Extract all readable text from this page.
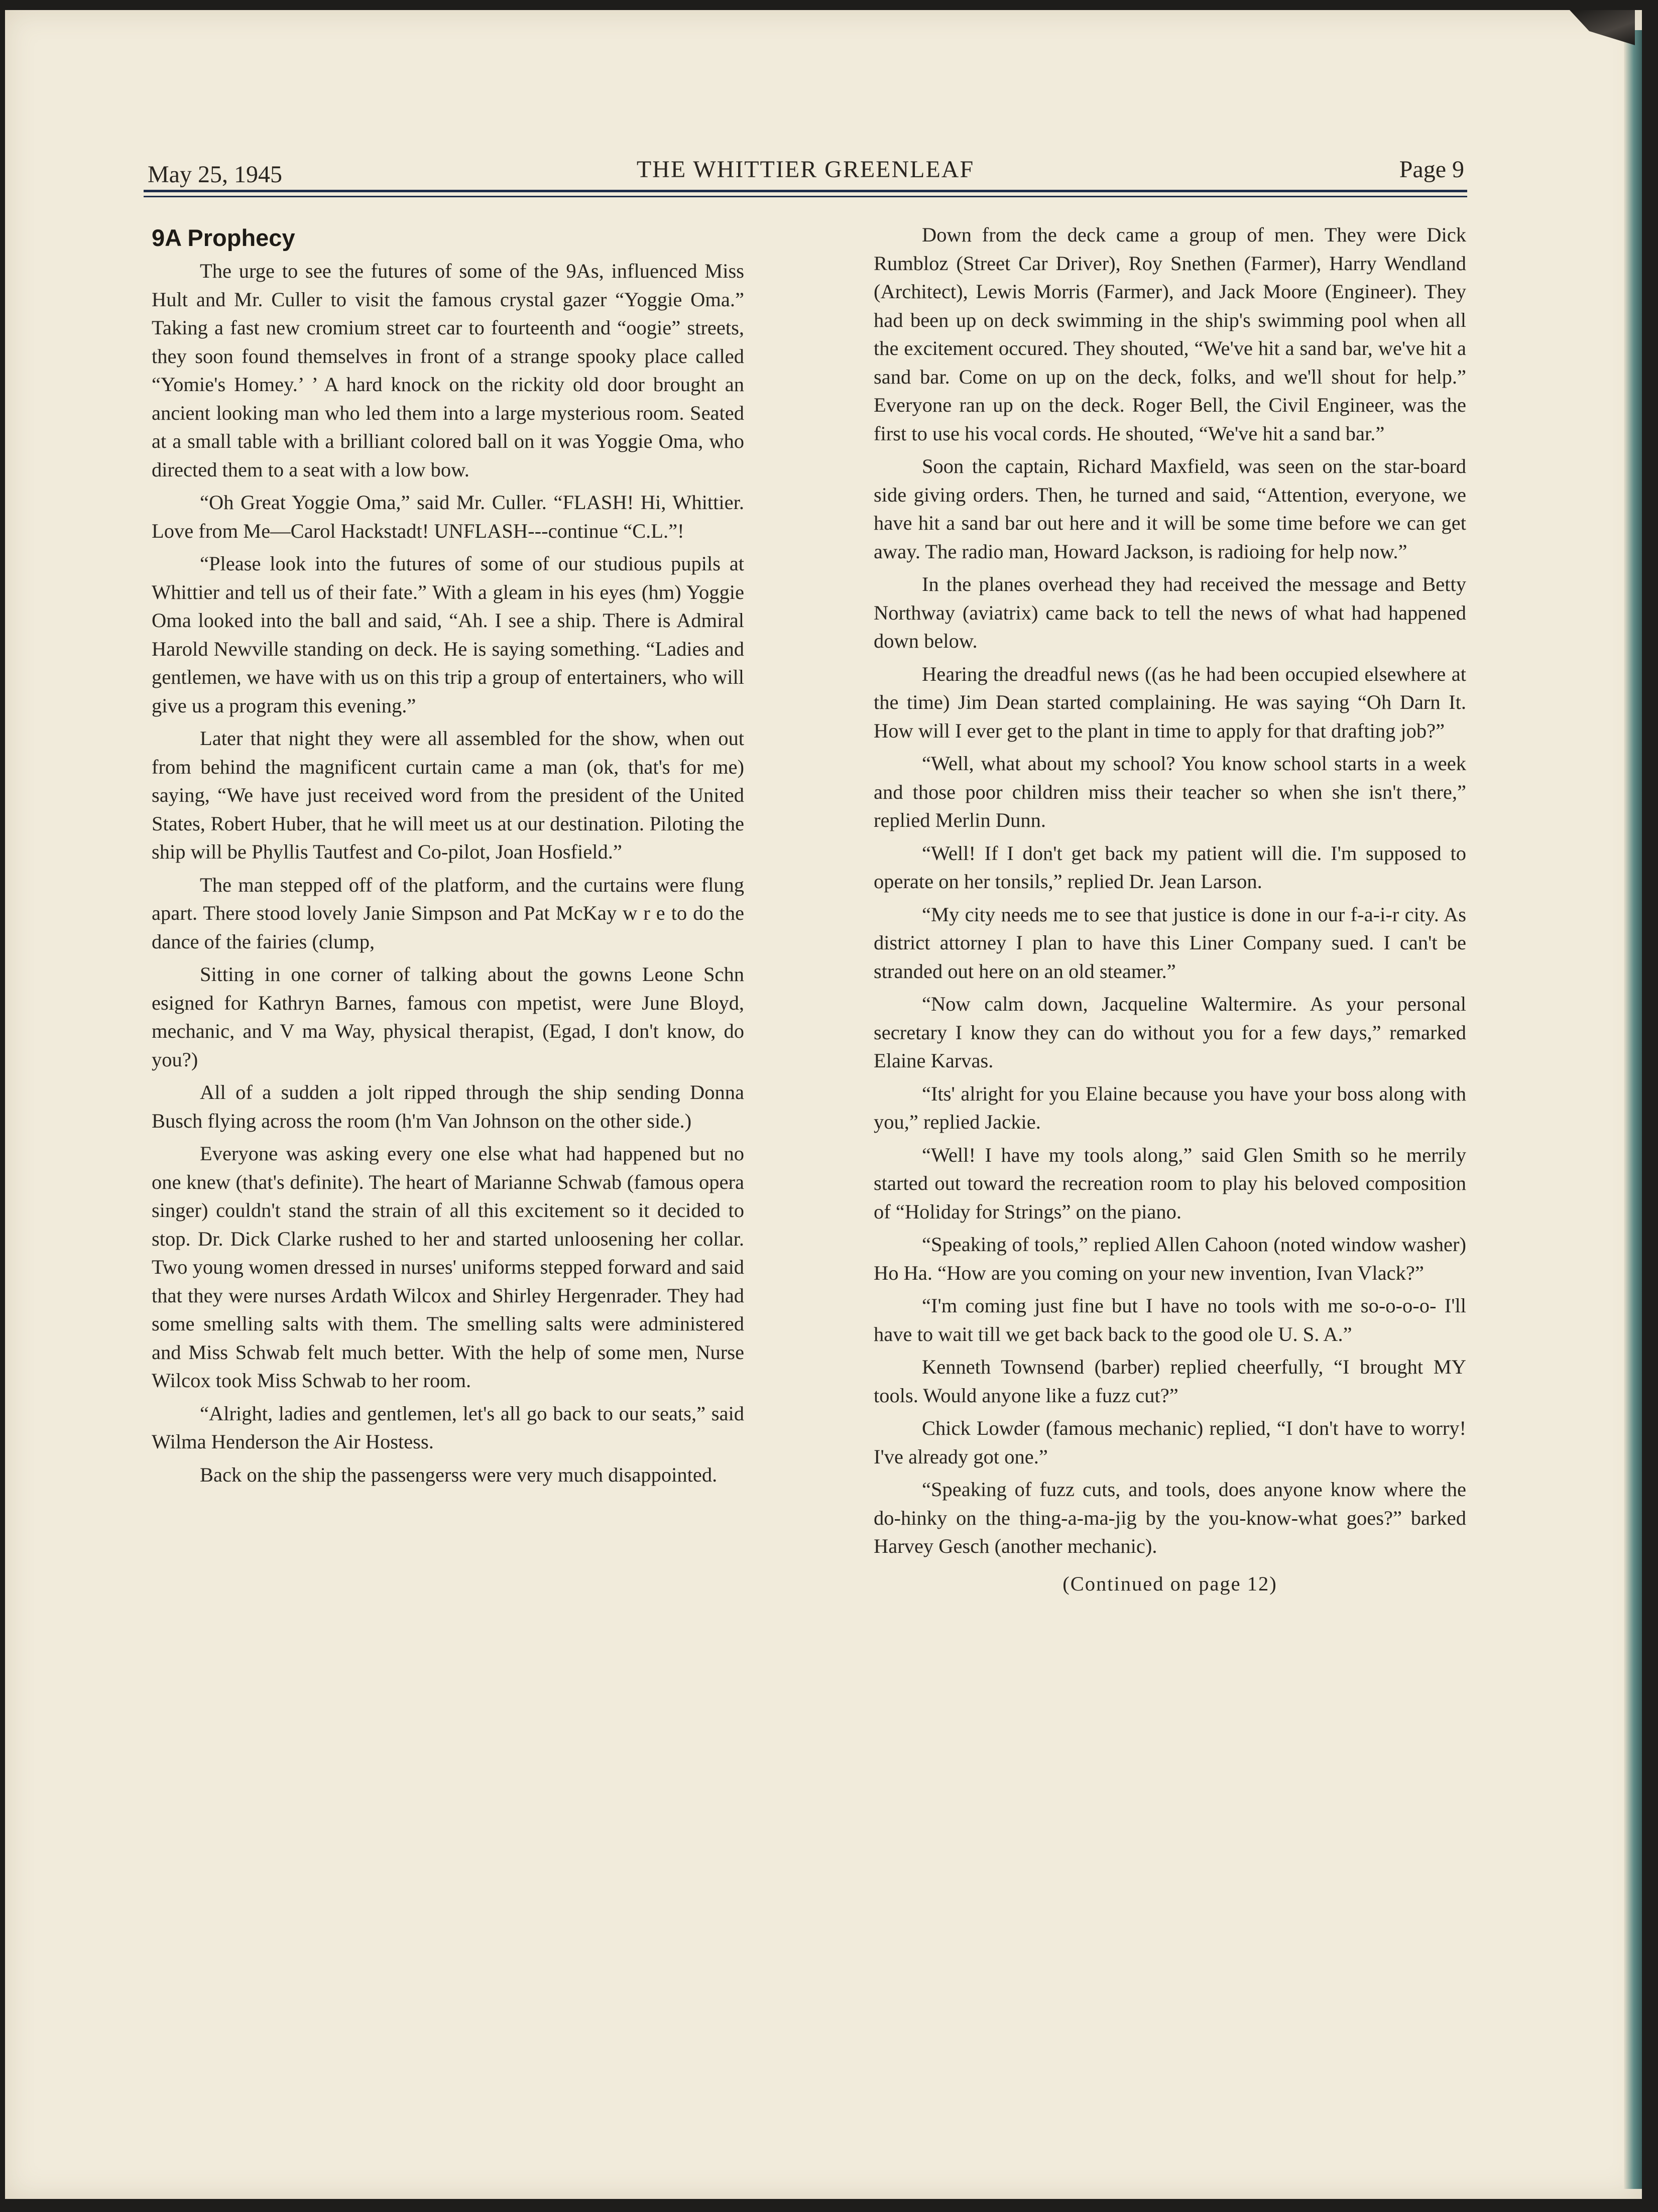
May 25, 1945	THE WHITTIER GREENLEAF	Page 9
9A Prophecy

The urge to see the futures of some of the 9As, influenced Miss Hult and Mr. Culler to visit the famous crystal gazer “Yoggie Oma.” Taking a fast new cromium street car to fourteenth and “oogie” streets, they soon found themselves in front of a strange spooky place called “Yomie's Homey.’ ’ A hard knock on the rickity old door brought an ancient looking man who led them into a large mysterious room. Seated at a small table with a brilliant colored ball on it was Yoggie Oma, who directed them to a seat with a low bow.

“Oh Great Yoggie Oma,” said Mr. Culler. “FLASH! Hi, Whittier. Love from Me—Carol Hackstadt! UNFLASH---continue “C.L.”!

“Please look into the futures of some of our studious pupils at Whittier and tell us of their fate.” With a gleam in his eyes (hm) Yoggie Oma looked into the ball and said, “Ah. I see a ship. There is Admiral Harold Newville standing on deck. He is saying something. “Ladies and gentlemen, we have with us on this trip a group of entertainers, who will give us a program this evening.”

Later that night they were all assembled for the show, when out from behind the magnificent curtain came a man (ok, that's for me) saying, “We have just received word from the president of the United States, Robert Huber, that he will meet us at our destination. Piloting the ship will be Phyllis Tautfest and Co-pilot, Joan Hosfield.”

The man stepped off of the platform, and the curtains were flung apart. There stood lovely Janie Simpson and Pat McKay w r e to do the dance of the fairies (clump,

Sitting in one corner of talking about the gowns Leone Schn esigned for Kathryn Barnes, famous con mpetist, were June Bloyd, mechanic, and V ma Way, physical therapist, (Egad, I don't know, do you?)

All of a sudden a jolt ripped through the ship sending Donna Busch flying across the room (h'm Van Johnson on the other side.)

Everyone was asking every one else what had happened but no one knew (that's definite). The heart of Marianne Schwab (famous opera singer) couldn't stand the strain of all this excitement so it decided to stop. Dr. Dick Clarke rushed to her and started unloosening her collar. Two young women dressed in nurses' uniforms stepped forward and said that they were nurses Ardath Wilcox and Shirley Hergenrader. They had some smelling salts with them. The smelling salts were administered and Miss Schwab felt much better. With the help of some men, Nurse Wilcox took Miss Schwab to her room.

“Alright, ladies and gentlemen, let's all go back to our seats,” said Wilma Henderson the Air Hostess.

Back on the ship the passengerss were very much disappointed.

Down from the deck came a group of men. They were Dick Rumbloz (Street Car Driver), Roy Snethen (Farmer), Harry Wendland (Architect), Lewis Morris (Farmer), and Jack Moore (Engineer). They had been up on deck swimming in the ship's swimming pool when all the excitement occured. They shouted, “We've hit a sand bar, we've hit a sand bar. Come on up on the deck, folks, and we'll shout for help.” Everyone ran up on the deck. Roger Bell, the Civil Engineer, was the first to use his vocal cords. He shouted, “We've hit a sand bar.”

Soon the captain, Richard Maxfield, was seen on the star-board side giving orders. Then, he turned and said, “Attention, everyone, we have hit a sand bar out here and it will be some time before we can get away. The radio man, Howard Jackson, is radioing for help now.”

In the planes overhead they had received the message and Betty Northway (aviatrix) came back to tell the news of what had happened down below.

Hearing the dreadful news ((as he had been occupied elsewhere at the time) Jim Dean started complaining. He was saying “Oh Darn It. How will I ever get to the plant in time to apply for that drafting job?”

“Well, what about my school? You know school starts in a week and those poor children miss their teacher so when she isn't there,” replied Merlin Dunn.

“Well! If I don't get back my patient will die. I'm supposed to operate on her tonsils,” replied Dr. Jean Larson.

“My city needs me to see that justice is done in our f-a-i-r city. As district attorney I plan to have this Liner Company sued. I can't be stranded out here on an old steamer.”

“Now calm down, Jacqueline Waltermire. As your personal secretary I know they can do without you for a few days,” remarked Elaine Karvas.

“Its' alright for you Elaine because you have your boss along with you,” replied Jackie.

“Well! I have my tools along,” said Glen Smith so he merrily started out toward the recreation room to play his beloved composition of “Holiday for Strings” on the piano.

“Speaking of tools,” replied Allen Cahoon (noted window washer) Ho Ha. “How are you coming on your new invention, Ivan Vlack?”

“I'm coming just fine but I have no tools with me so-o-o-o- I'll have to wait till we get back back to the good ole U. S. A.”

Kenneth Townsend (barber) replied cheerfully, “I brought MY tools. Would anyone like a fuzz cut?”

Chick Lowder (famous mechanic) replied, “I don't have to worry! I've already got one.”

“Speaking of fuzz cuts, and tools, does anyone know where the do-hinky on the thing-a-ma-jig by the you-know-what goes?” barked Harvey Gesch (another mechanic).

(Continued on page 12)
